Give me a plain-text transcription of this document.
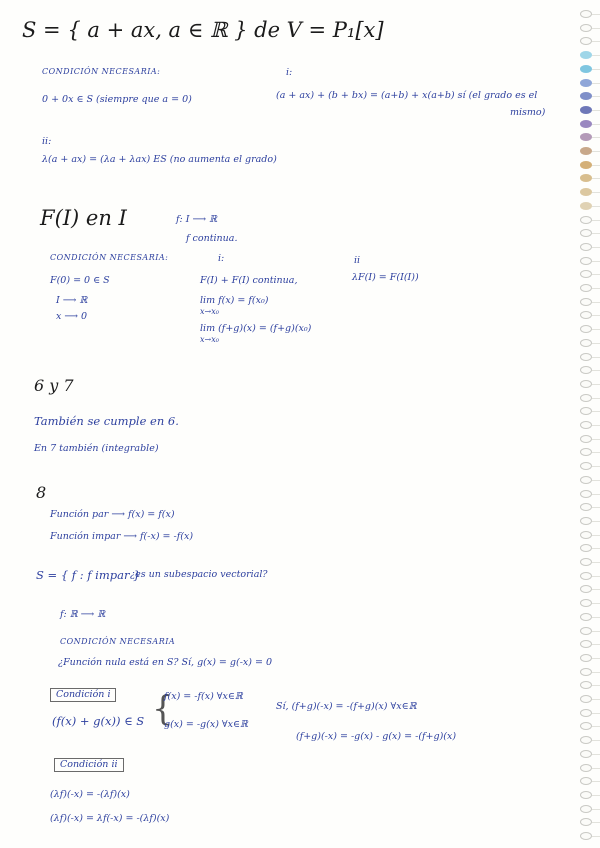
S = { a + ax, a ∈ ℝ } de V = P₁[x]
CONDICIÓN NECESARIA:
0 + 0x ∈ S (siempre que a = 0)
i:
(a + ax) + (b + bx) = (a+b) + x(a+b) sí (el grado es el
mismo)
ii:
λ(a + ax) = (λa + λax) ES (no aumenta el grado)
F(I) en I	f: I ⟶ ℝ
f continua.
CONDICIÓN NECESARIA:
F(0) = 0 ∈ S
I ⟶ ℝ
x ⟶ 0
i:
F(I) + F(I) continua,
lim f(x) = f(x₀)
x→x₀
lim (f+g)(x) = (f+g)(x₀)
x→x₀
ii
λF(I) = F(I(I))
6 y 7
También se cumple en 6.
En 7 también (integrable)
8
Función par ⟶ f(x) = f(x)
Función impar ⟶ f(-x) = -f(x)
S = { f : f impar }
¿es un subespacio vectorial?
f: ℝ ⟶ ℝ
CONDICIÓN NECESARIA
¿Función nula está en S? Sí, g(x) = g(-x) = 0
Condición i
(f(x) + g(x)) ∈ S {
f(x) = -f(x) ∀x∈ℝ
g(x) = -g(x) ∀x∈ℝ
Sí, (f+g)(-x) = -(f+g)(x) ∀x∈ℝ
(f+g)(-x) = -g(x) - g(x) = -(f+g)(x)
Condición ii
(λf)(-x) = -(λf)(x)
(λf)(-x) = λf(-x) = -(λf)(x)
